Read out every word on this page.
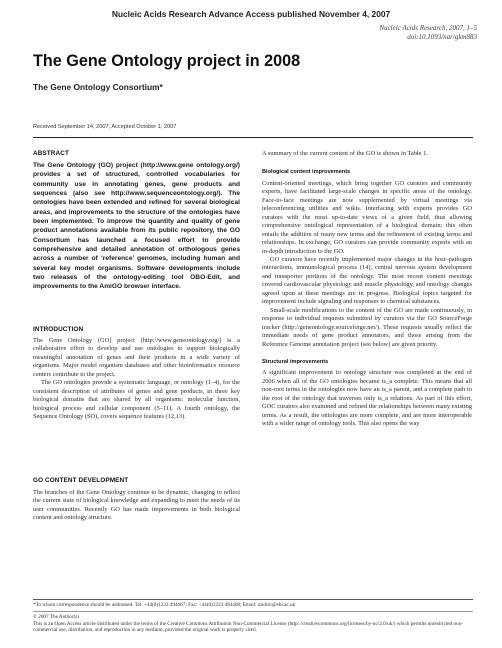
Nucleic Acids Research Advance Access published November 4, 2007
Nucleic Acids Research, 2007, 1–5
doi:10.1093/nar/gkm883
The Gene Ontology project in 2008
The Gene Ontology Consortium*
Received September 14, 2007; Accepted October 1, 2007
ABSTRACT
The Gene Ontology (GO) project (http://www.gene ontology.org/) provides a set of structured, controlled vocabularies for community use in annotating genes, gene products and sequences (also see http://www.sequenceontology.org/). The ontologies have been extended and refined for several biological areas, and improvements to the structure of the ontologies have been implemented. To improve the quantity and quality of gene product annotations available from its public repository, the GO Consortium has launched a focused effort to provide comprehensive and detailed annotation of orthologous genes across a number of ‘reference’ genomes, including human and several key model organisms. Software developments include two releases of the ontology-editing tool OBO-Edit, and improvements to the AmiGO browser interface.
INTRODUCTION
The Gene Ontology (GO) project (http://www.geneontology.org/) is a collaborative effort to develop and use ontologies to support biologically meaningful annotation of genes and their products in a wide variety of organisms. Major model organism databases and other bioinformatics resource centers contribute to the project.
The GO ontologies provide a systematic language, or ontology (1–4), for the consistent description of attributes of genes and gene products, in three key biological domains that are shared by all organisms: molecular function, biological process and cellular component (5–11). A fourth ontology, the Sequence Ontology (SO), covers sequence features (12,13).
GO CONTENT DEVELOPMENT
The branches of the Gene Ontology continue to be dynamic, changing to reflect the current state of biological knowledge and expanding to meet the needs of its user communities. Recently GO has made improvements in both biological content and ontology structure.
A summary of the current content of the GO is shown in Table 1.
Biological content improvements
Content-oriented meetings, which bring together GO curators and community experts, have facilitated large-scale changes in specific areas of the ontology. Face-to-face meetings are now supplemented by virtual meetings via teleconferencing utilities and wikis. Interfacing with experts provides GO curators with the most up-to-date views of a given field, thus allowing comprehensive ontological representation of a biological domain; this often entails the addition of many new terms and the refinement of existing terms and relationships. In exchange, GO curators can provide community experts with an in-depth introduction to the GO.
GO curators have recently implemented major changes in the host–pathogen interactions, immunological process (14), central nervous system development and transporter portions of the ontology. The most recent content meetings covered cardiovascular physiology and muscle physiology, and ontology changes agreed upon at these meetings are in progress. Biological topics targeted for improvement include signaling and responses to chemical substances.
Small-scale modifications to the content of the GO are made continuously, in response to individual requests submitted by curators via the GO SourceForge tracker (http://geneontology.sourceforge.net/). These requests usually reflect the immediate needs of gene product annotators, and those arising from the Reference Genome annotation project (see below) are given priority.
Structural improvements
A significant improvement to ontology structure was completed at the end of 2006 when all of the GO ontologies became is_a complete. This means that all non-root terms in the ontologies now have an is_a parent, and a complete path to the root of the ontology that traverses only is_a relations. As part of this effort, GOC curators also examined and refined the relationships between many existing terms. As a result, the ontologies are more complete, and are more interoperable with a wider range of ontology tools. This also opens the way
*To whom correspondence should be addressed. Tel: +44(0)1223 494667; Fax: +44(0)1223 494468; Email: midori@ebi.ac.uk
© 2007 The Author(s)
This is an Open Access article distributed under the terms of the Creative Commons Attribution Non-Commercial License (http://creativecommons.org/licenses/by-nc/2.0/uk/) which permits unrestricted non-commercial use, distribution, and reproduction in any medium, provided the original work is properly cited.
